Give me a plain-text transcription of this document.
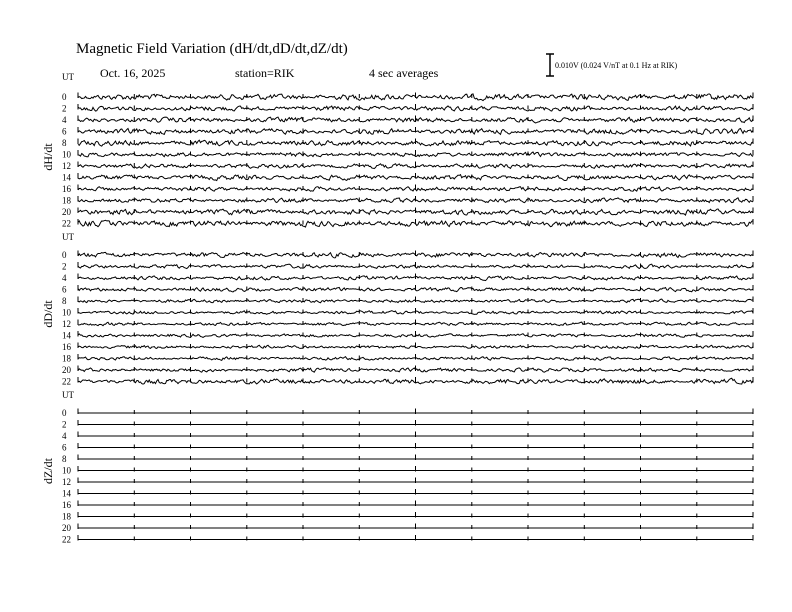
Magnetic Field Variation (dH/dt,dD/dt,dZ/dt)
Oct. 16, 2025	station=RIK	4 sec averages
0.010V (0.024 V/nT at 0.1 Hz at RIK)
UT
dH/dt
0
2
4
6
8
10
12
14
16
18
20
22
UT
dD/dt
0
2
4
6
8
10
12
14
16
18
20
22
UT
dZ/dt
0
2
4
6
8
10
12
14
16
18
20
22
